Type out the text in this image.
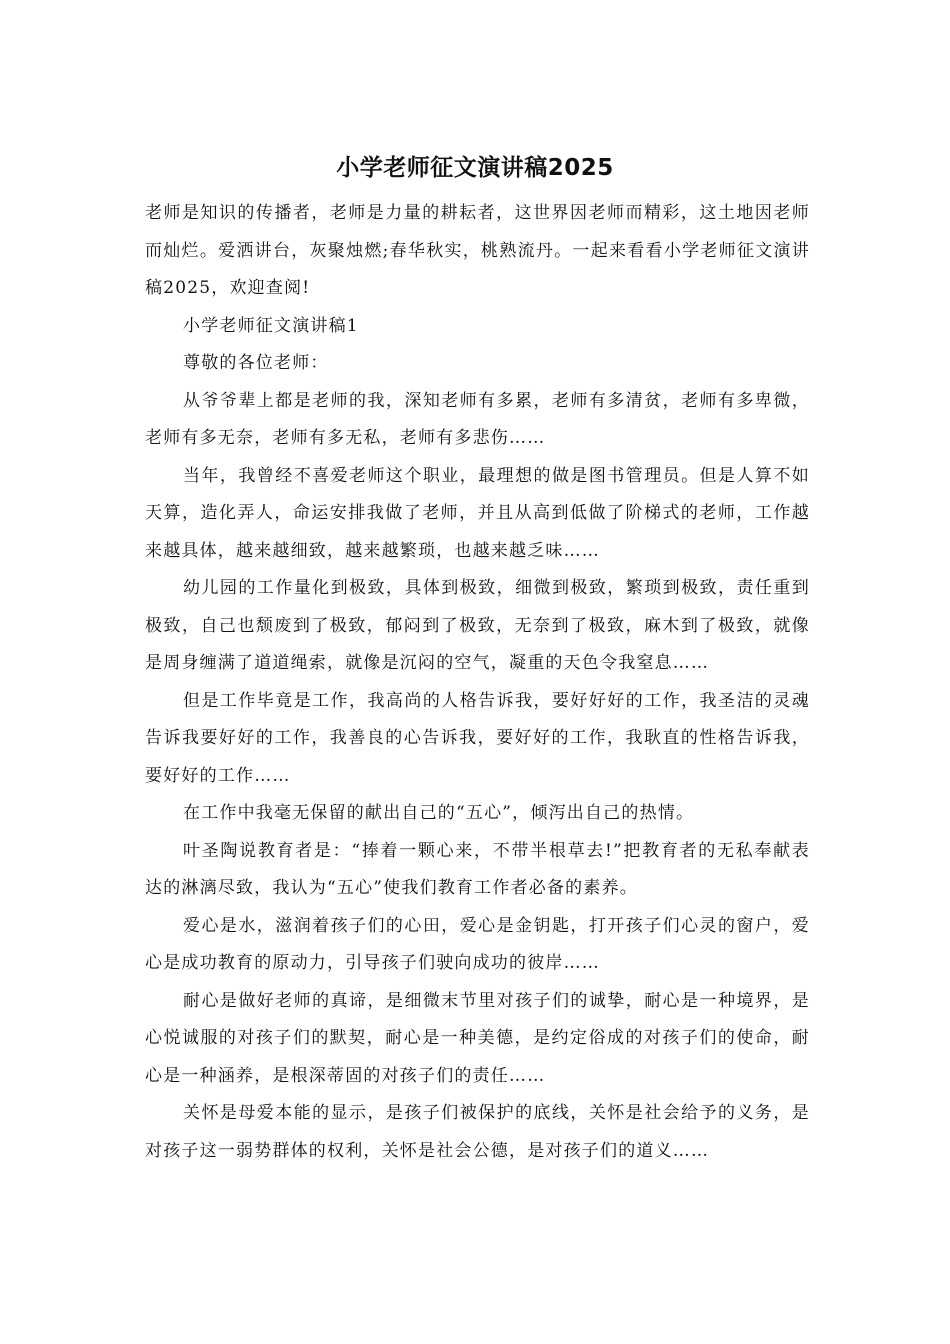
小学老师征文演讲稿2025

老师是知识的传播者，老师是力量的耕耘者，这世界因老师而精彩，这土地因老师而灿烂。爱洒讲台，灰聚烛燃;春华秋实，桃熟流丹。一起来看看小学老师征文演讲稿2025，欢迎查阅!

小学老师征文演讲稿1

尊敬的各位老师：

从爷爷辈上都是老师的我，深知老师有多累，老师有多清贫，老师有多卑微，老师有多无奈，老师有多无私，老师有多悲伤……

当年，我曾经不喜爱老师这个职业，最理想的做是图书管理员。但是人算不如天算，造化弄人，命运安排我做了老师，并且从高到低做了阶梯式的老师，工作越来越具体，越来越细致，越来越繁琐，也越来越乏味……

幼儿园的工作量化到极致，具体到极致，细微到极致，繁琐到极致，责任重到极致，自己也颓废到了极致，郁闷到了极致，无奈到了极致，麻木到了极致，就像是周身缠满了道道绳索，就像是沉闷的空气，凝重的天色令我窒息……

但是工作毕竟是工作，我高尚的人格告诉我，要好好好的工作，我圣洁的灵魂告诉我要好好的工作，我善良的心告诉我，要好好的工作，我耿直的性格告诉我，要好好的工作……

在工作中我毫无保留的献出自己的“五心”，倾泻出自己的热情。

叶圣陶说教育者是：“捧着一颗心来，不带半根草去!”把教育者的无私奉献表达的淋漓尽致，我认为“五心”使我们教育工作者必备的素养。

爱心是水，滋润着孩子们的心田，爱心是金钥匙，打开孩子们心灵的窗户，爱心是成功教育的原动力，引导孩子们驶向成功的彼岸……

耐心是做好老师的真谛，是细微末节里对孩子们的诚挚，耐心是一种境界，是心悦诚服的对孩子们的默契，耐心是一种美德，是约定俗成的对孩子们的使命，耐心是一种涵养，是根深蒂固的对孩子们的责任……

关怀是母爱本能的显示，是孩子们被保护的底线，关怀是社会给予的义务，是对孩子这一弱势群体的权利，关怀是社会公德，是对孩子们的道义……
